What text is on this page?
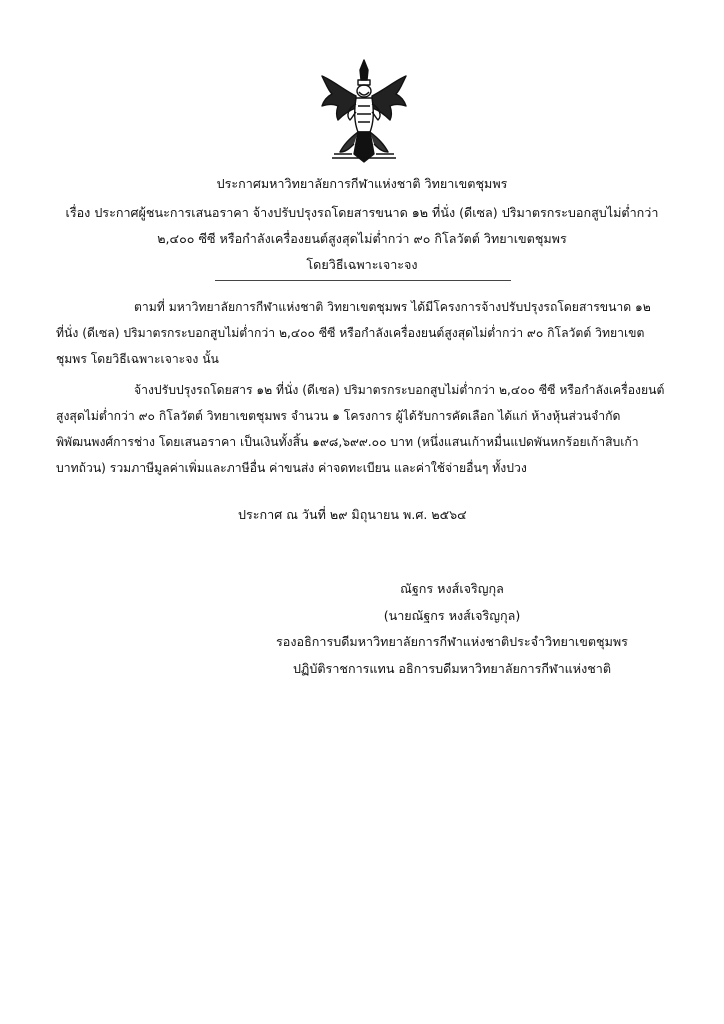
ประกาศมหาวิทยาลัยการกีฬาแห่งชาติ วิทยาเขตชุมพร
เรื่อง ประกาศผู้ชนะการเสนอราคา จ้างปรับปรุงรถโดยสารขนาด ๑๒ ที่นั่ง (ดีเซล) ปริมาตรกระบอกสูบไม่ต่ำกว่า
๒,๔๐๐ ซีซี หรือกำลังเครื่องยนต์สูงสุดไม่ต่ำกว่า ๙๐ กิโลวัตต์ วิทยาเขตชุมพร
โดยวิธีเฉพาะเจาะจง
ตามที่ มหาวิทยาลัยการกีฬาแห่งชาติ วิทยาเขตชุมพร ได้มีโครงการจ้างปรับปรุงรถโดยสารขนาด ๑๒
ที่นั่ง (ดีเซล) ปริมาตรกระบอกสูบไม่ต่ำกว่า ๒,๔๐๐ ซีซี หรือกำลังเครื่องยนต์สูงสุดไม่ต่ำกว่า ๙๐ กิโลวัตต์ วิทยาเขต
ชุมพร โดยวิธีเฉพาะเจาะจง นั้น
จ้างปรับปรุงรถโดยสาร ๑๒ ที่นั่ง (ดีเซล) ปริมาตรกระบอกสูบไม่ต่ำกว่า ๒,๔๐๐ ซีซี หรือกำลังเครื่องยนต์
สูงสุดไม่ต่ำกว่า ๙๐ กิโลวัตต์ วิทยาเขตชุมพร จำนวน ๑ โครงการ ผู้ได้รับการคัดเลือก ได้แก่ ห้างหุ้นส่วนจำกัด
พิพัฒนพงศ์การช่าง โดยเสนอราคา เป็นเงินทั้งสิ้น ๑๙๘,๖๙๙.๐๐ บาท (หนึ่งแสนเก้าหมื่นแปดพันหกร้อยเก้าสิบเก้า
บาทถ้วน) รวมภาษีมูลค่าเพิ่มและภาษีอื่น ค่าขนส่ง ค่าจดทะเบียน และค่าใช้จ่ายอื่นๆ ทั้งปวง
ประกาศ ณ วันที่ ๒๙ มิถุนายน พ.ศ. ๒๕๖๔
ณัฐกร หงส์เจริญกุล
(นายณัฐกร หงส์เจริญกุล)
รองอธิการบดีมหาวิทยาลัยการกีฬาแห่งชาติประจำวิทยาเขตชุมพร
ปฏิบัติราชการแทน อธิการบดีมหาวิทยาลัยการกีฬาแห่งชาติ
